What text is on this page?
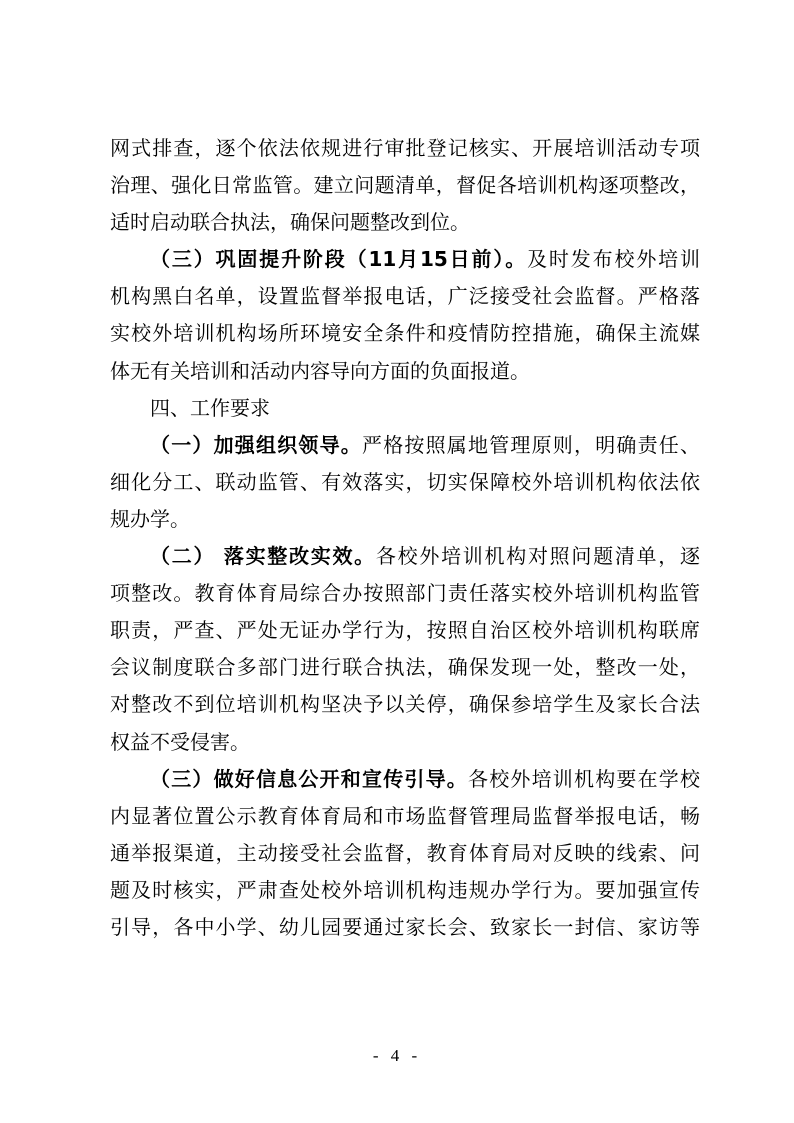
网式排查，逐个依法依规进行审批登记核实、开展培训活动专项
治理、强化日常监管。建立问题清单，督促各培训机构逐项整改，
适时启动联合执法，确保问题整改到位。
（三）巩固提升阶段（11月15日前）。及时发布校外培训
机构黑白名单，设置监督举报电话，广泛接受社会监督。严格落
实校外培训机构场所环境安全条件和疫情防控措施，确保主流媒
体无有关培训和活动内容导向方面的负面报道。
四、工作要求
（一）加强组织领导。严格按照属地管理原则，明确责任、
细化分工、联动监管、有效落实，切实保障校外培训机构依法依
规办学。
（二） 落实整改实效。各校外培训机构对照问题清单，逐
项整改。教育体育局综合办按照部门责任落实校外培训机构监管
职责，严查、严处无证办学行为，按照自治区校外培训机构联席
会议制度联合多部门进行联合执法，确保发现一处，整改一处，
对整改不到位培训机构坚决予以关停，确保参培学生及家长合法
权益不受侵害。
（三）做好信息公开和宣传引导。各校外培训机构要在学校
内显著位置公示教育体育局和市场监督管理局监督举报电话，畅
通举报渠道，主动接受社会监督，教育体育局对反映的线索、问
题及时核实，严肃查处校外培训机构违规办学行为。要加强宣传
引导，各中小学、幼儿园要通过家长会、致家长一封信、家访等
- 4 -
